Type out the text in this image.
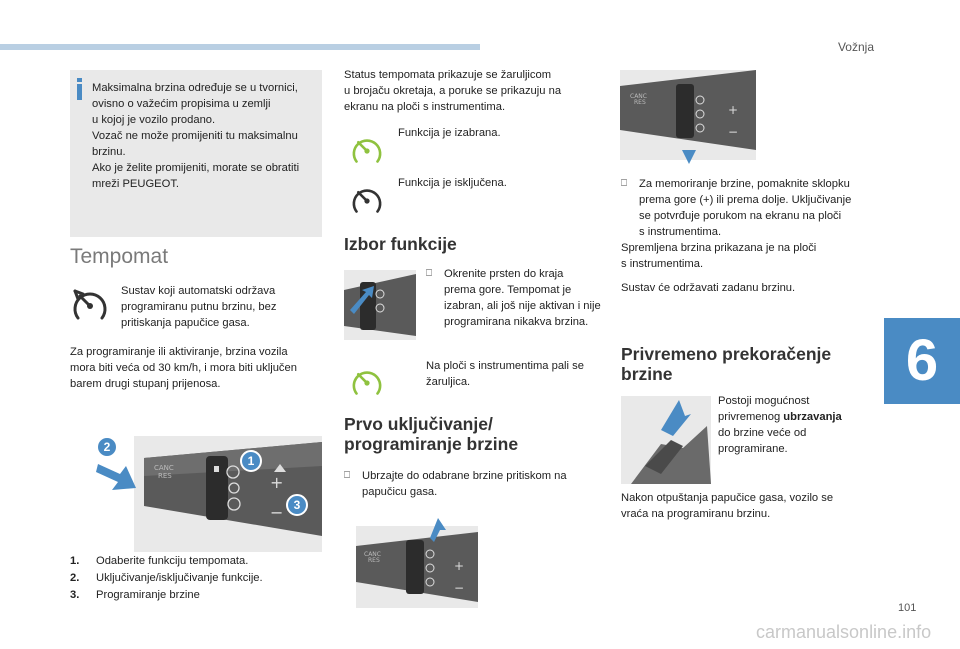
Vožnja
6
101
carmanualsonline.info

Maksimalna brzina određuje se u tvornici,

ovisno o važećim propisima u zemlji

u kojoj je vozilo prodano.

Vozač ne može promijeniti tu maksimalnu

brzinu.

Ako je želite promijeniti, morate se obratiti

mreži PEUGEOT.

Tempomat
Sustav koji automatski održava
programiranu putnu brzinu, bez
pritiskanja papučice gasa.
Za programiranje ili aktiviranje, brzina vozila
mora biti veća od 30 km/h, i mora biti uključen
barem drugi stupanj prijenosa.
+
−
CANC
RES
2
1
3
1. Odaberite funkciju tempomata.
2. Uključivanje/isključivanje funkcije.
3. Programiranje brzine
Status tempomata prikazuje se žaruljicom
u brojaču okretaja, a poruke se prikazuju na
ekranu na ploči s instrumentima.
Funkcija je izabrana.
Funkcija je isključena.
Izbor funkcije
⎕ Okrenite prsten do kraja
prema gore. Tempomat je
izabran, ali još nije aktivan i nije
programirana nikakva brzina.
Na ploči s instrumentima pali se
žaruljica.
Prvo uključivanje/
programiranje brzine
⎕ Ubrzajte do odabrane brzine pritiskom na
papučicu gasa.
+
−
CANC
RES
+
−
CANC
RES
⎕ Za memoriranje brzine, pomaknite sklopku
prema gore (+) ili prema dolje. Uključivanje
se potvrđuje porukom na ekranu na ploči
s instrumentima.
Spremljena brzina prikazana je na ploči
s instrumentima.
Sustav će održavati zadanu brzinu.
Privremeno prekoračenje
brzine
Postoji mogućnost
privremenog ubrzavanja
do brzine veće od
programirane.
Nakon otpuštanja papučice gasa, vozilo se
vraća na programiranu brzinu.
